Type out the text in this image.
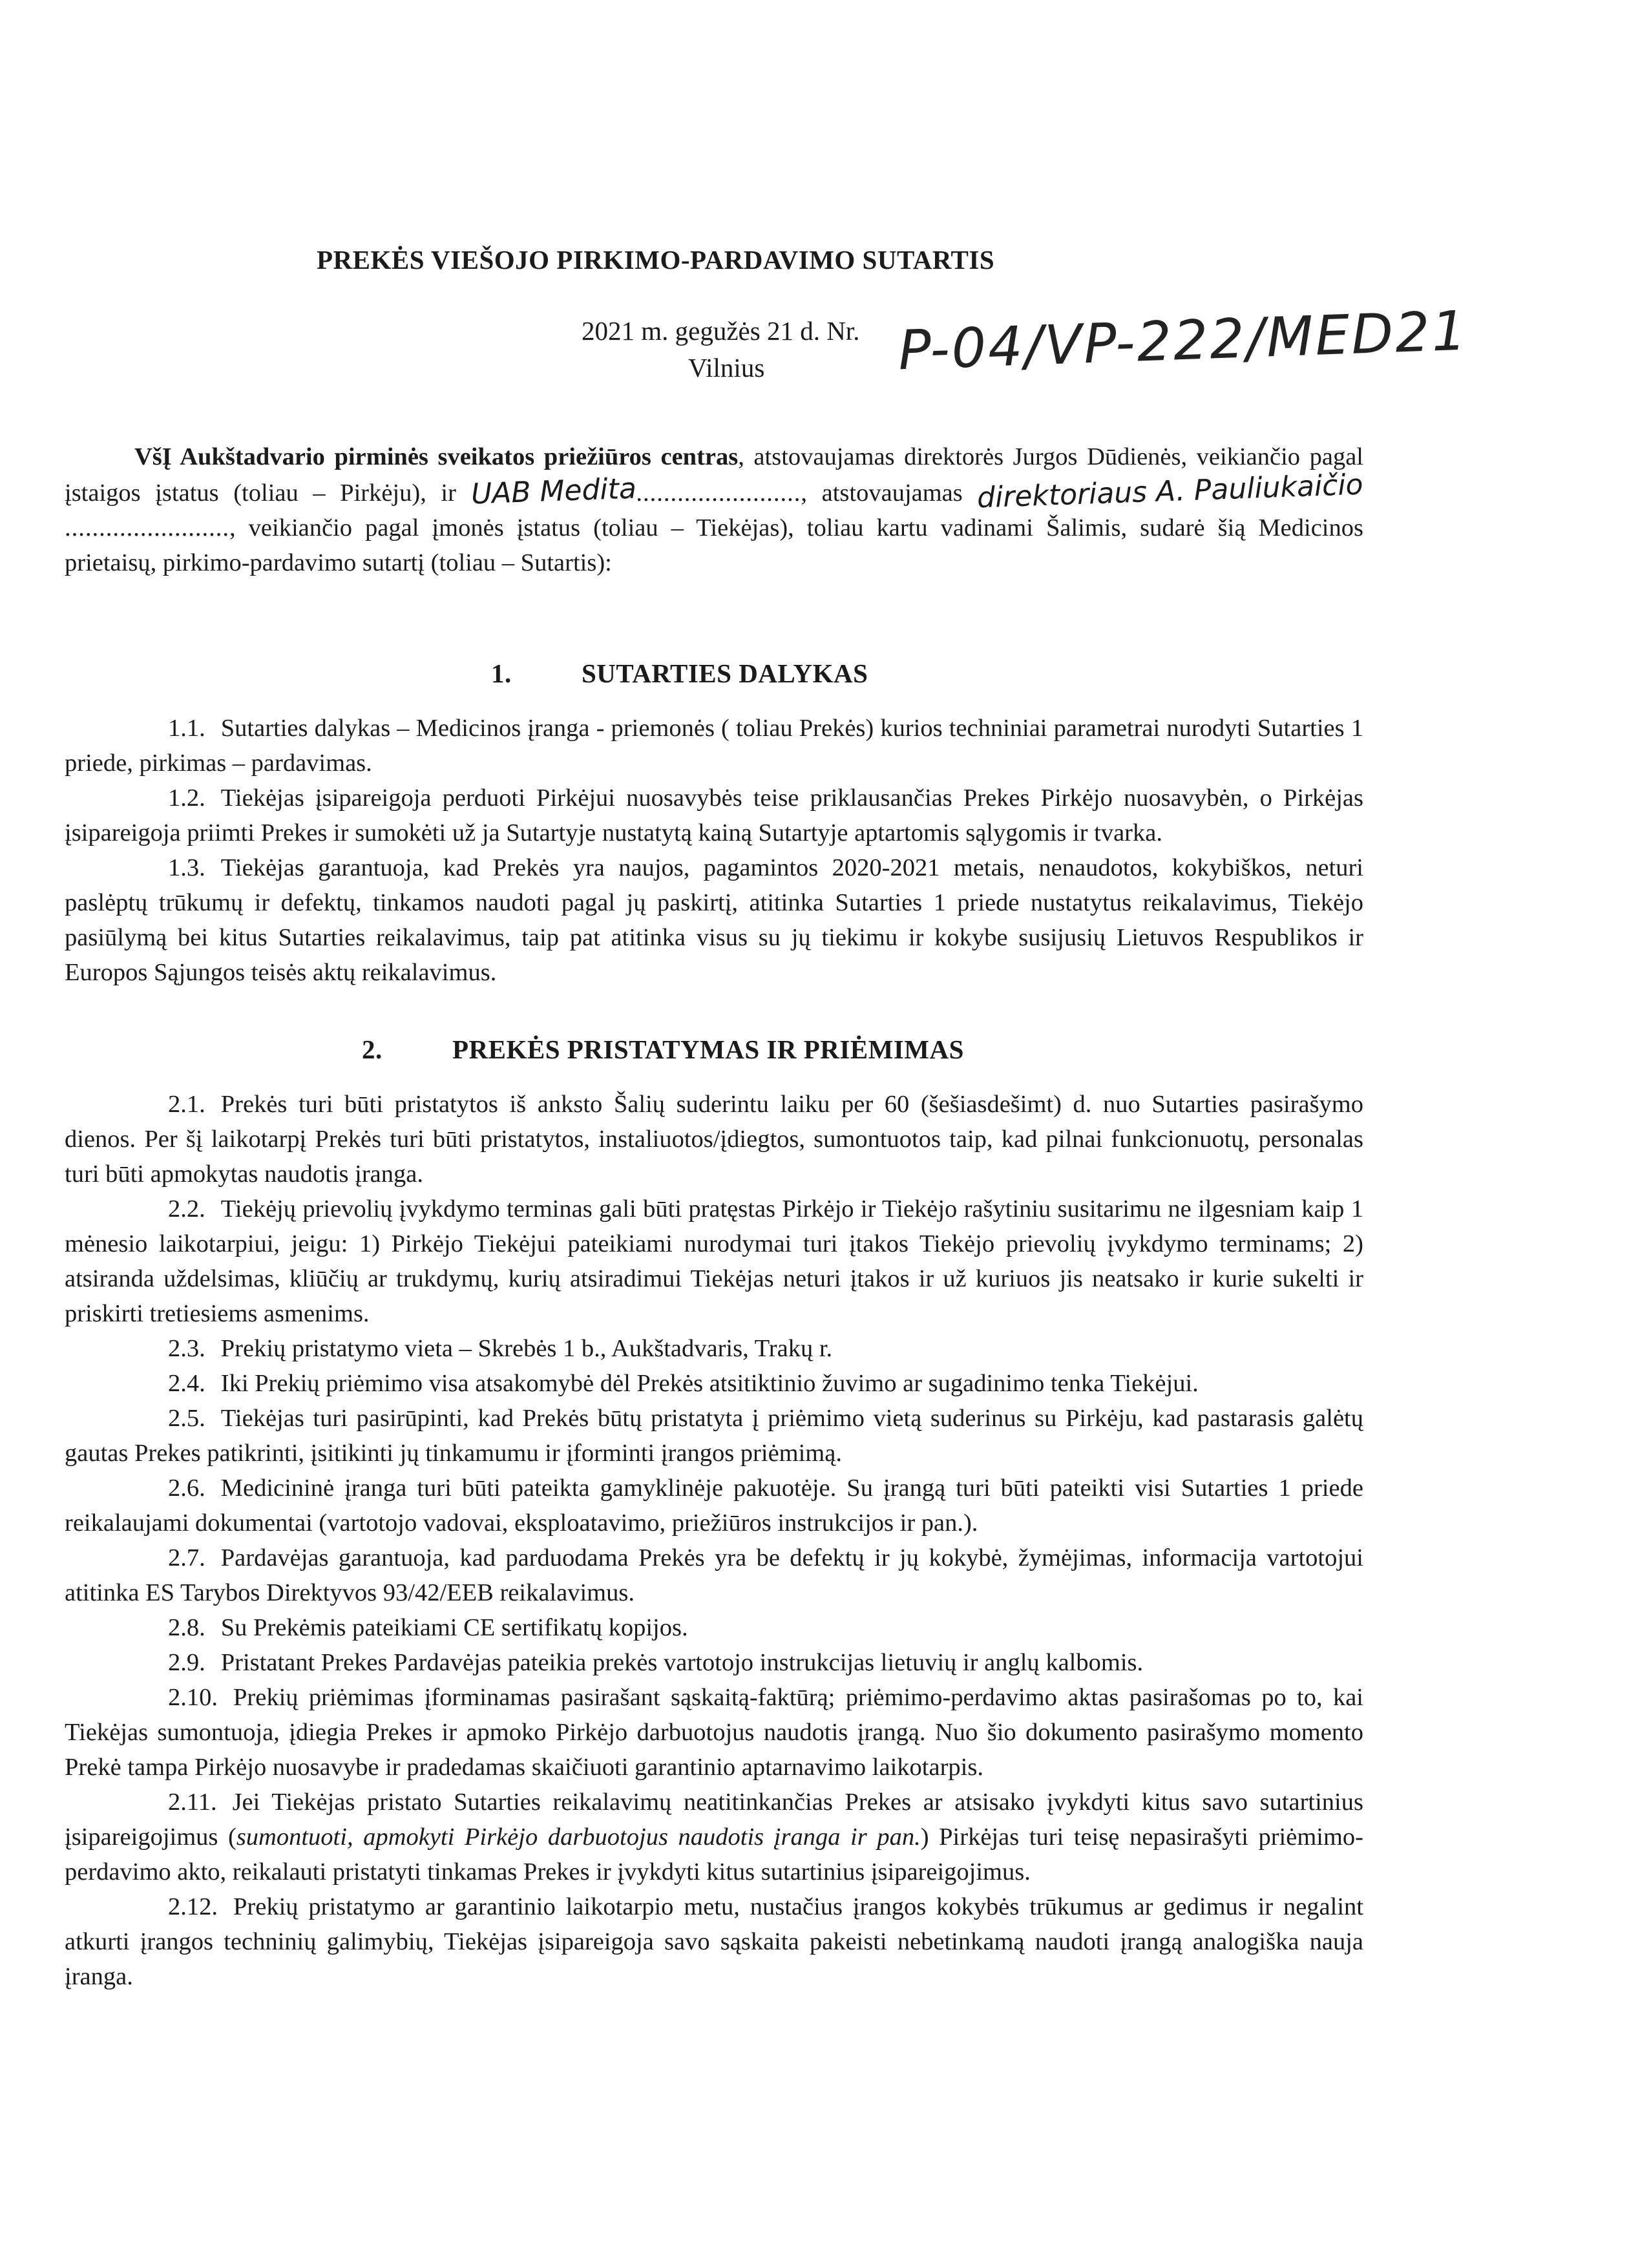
PREKĖS VIEŠOJO PIRKIMO-PARDAVIMO SUTARTIS
2021 m. gegužės 21 d. Nr. P-04/VP-222/MED21
Vilnius
VšĮ Aukštadvario pirminės sveikatos priežiūros centras, atstovaujamas direktorės Jurgos Dūdienės, veikiančio pagal įstaigos įstatus (toliau – Pirkėju), ir UAB Medita........................, atstovaujamas direktoriaus A. Pauliukaičio........................, veikiančio pagal įmonės įstatus (toliau – Tiekėjas), toliau kartu vadinami Šalimis, sudarė šią Medicinos prietaisų, pirkimo-pardavimo sutartį (toliau – Sutartis):
1.	SUTARTIES DALYKAS

1.1. Sutarties dalykas – Medicinos įranga - priemonės ( toliau Prekės) kurios techniniai parametrai nurodyti Sutarties 1 priede, pirkimas – pardavimas.

1.2. Tiekėjas įsipareigoja perduoti Pirkėjui nuosavybės teise priklausančias Prekes Pirkėjo nuosavybėn, o Pirkėjas įsipareigoja priimti Prekes ir sumokėti už ja Sutartyje nustatytą kainą Sutartyje aptartomis sąlygomis ir tvarka.

1.3. Tiekėjas garantuoja, kad Prekės yra naujos, pagamintos 2020-2021 metais, nenaudotos, kokybiškos, neturi paslėptų trūkumų ir defektų, tinkamos naudoti pagal jų paskirtį, atitinka Sutarties 1 priede nustatytus reikalavimus, Tiekėjo pasiūlymą bei kitus Sutarties reikalavimus, taip pat atitinka visus su jų tiekimu ir kokybe susijusių Lietuvos Respublikos ir Europos Sąjungos teisės aktų reikalavimus.

2.	PREKĖS PRISTATYMAS IR PRIĖMIMAS

2.1. Prekės turi būti pristatytos iš anksto Šalių suderintu laiku per 60 (šešiasdešimt) d. nuo Sutarties pasirašymo dienos. Per šį laikotarpį Prekės turi būti pristatytos, instaliuotos/įdiegtos, sumontuotos taip, kad pilnai funkcionuotų, personalas turi būti apmokytas naudotis įranga.

2.2. Tiekėjų prievolių įvykdymo terminas gali būti pratęstas Pirkėjo ir Tiekėjo rašytiniu susitarimu ne ilgesniam kaip 1 mėnesio laikotarpiui, jeigu: 1) Pirkėjo Tiekėjui pateikiami nurodymai turi įtakos Tiekėjo prievolių įvykdymo terminams; 2) atsiranda uždelsimas, kliūčių ar trukdymų, kurių atsiradimui Tiekėjas neturi įtakos ir už kuriuos jis neatsako ir kurie sukelti ir priskirti tretiesiems asmenims.

2.3. Prekių pristatymo vieta – Skrebės 1 b., Aukštadvaris, Trakų r.

2.4. Iki Prekių priėmimo visa atsakomybė dėl Prekės atsitiktinio žuvimo ar sugadinimo tenka Tiekėjui.

2.5. Tiekėjas turi pasirūpinti, kad Prekės būtų pristatyta į priėmimo vietą suderinus su Pirkėju, kad pastarasis galėtų gautas Prekes patikrinti, įsitikinti jų tinkamumu ir įforminti įrangos priėmimą.

2.6. Medicininė įranga turi būti pateikta gamyklinėje pakuotėje. Su įrangą turi būti pateikti visi Sutarties 1 priede reikalaujami dokumentai (vartotojo vadovai, eksploatavimo, priežiūros instrukcijos ir pan.).

2.7. Pardavėjas garantuoja, kad parduodama Prekės yra be defektų ir jų kokybė, žymėjimas, informacija vartotojui atitinka ES Tarybos Direktyvos 93/42/EEB reikalavimus.

2.8. Su Prekėmis pateikiami CE sertifikatų kopijos.

2.9. Pristatant Prekes Pardavėjas pateikia prekės vartotojo instrukcijas lietuvių ir anglų kalbomis.

2.10. Prekių priėmimas įforminamas pasirašant sąskaitą-faktūrą; priėmimo-perdavimo aktas pasirašomas po to, kai Tiekėjas sumontuoja, įdiegia Prekes ir apmoko Pirkėjo darbuotojus naudotis įrangą. Nuo šio dokumento pasirašymo momento Prekė tampa Pirkėjo nuosavybe ir pradedamas skaičiuoti garantinio aptarnavimo laikotarpis.

2.11. Jei Tiekėjas pristato Sutarties reikalavimų neatitinkančias Prekes ar atsisako įvykdyti kitus savo sutartinius įsipareigojimus (sumontuoti, apmokyti Pirkėjo darbuotojus naudotis įranga ir pan.) Pirkėjas turi teisę nepasirašyti priėmimo-perdavimo akto, reikalauti pristatyti tinkamas Prekes ir įvykdyti kitus sutartinius įsipareigojimus.

2.12. Prekių pristatymo ar garantinio laikotarpio metu, nustačius įrangos kokybės trūkumus ar gedimus ir negalint atkurti įrangos techninių galimybių, Tiekėjas įsipareigoja savo sąskaita pakeisti nebetinkamą naudoti įrangą analogiška nauja įranga.
